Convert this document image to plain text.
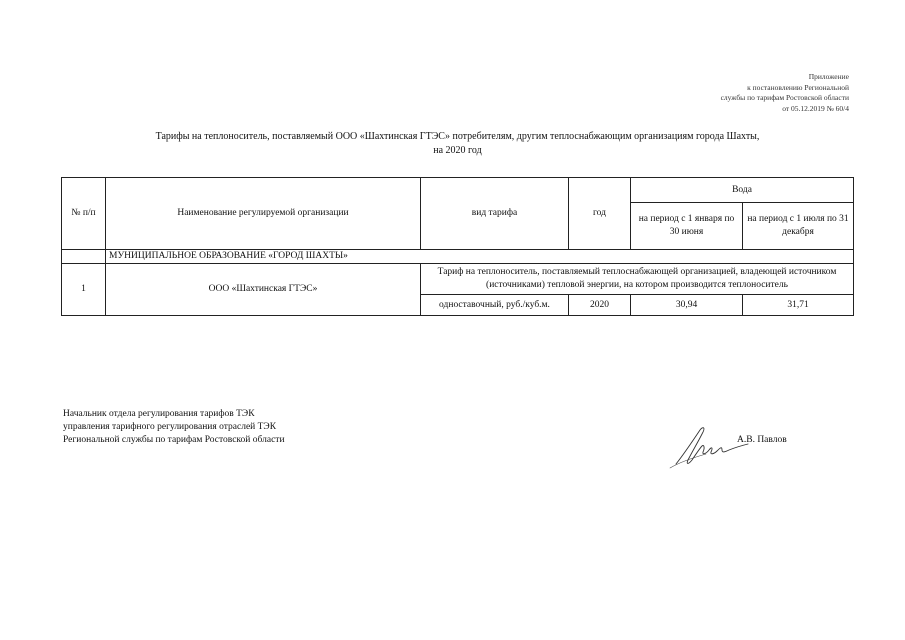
Приложение
к постановлению Региональной
службы по тарифам Ростовской области
от 05.12.2019 № 60/4
Тарифы на теплоноситель, поставляемый ООО «Шахтинская ГТЭС» потребителям, другим теплоснабжающим организациям города Шахты,
на 2020 год
№ п/п	Наименование регулируемой организации	вид тарифа	год	Вода	
				на период с 1 января по 30 июня	на период с 1 июля по 31 декабря
	МУНИЦИПАЛЬНОЕ ОБРАЗОВАНИЕ «ГОРОД ШАХТЫ»				
1	ООО «Шахтинская ГТЭС»	Тариф на теплоноситель, поставляемый теплоснабжающей организацией, владеющей источником (источниками) тепловой энергии, на котором производится теплоноситель			
		одноставочный, руб./куб.м.	2020	30,94	31,71
Начальник отдела регулирования тарифов ТЭК
управления тарифного регулирования отраслей ТЭК
Региональной службы по тарифам Ростовской области	А.В. Павлов
